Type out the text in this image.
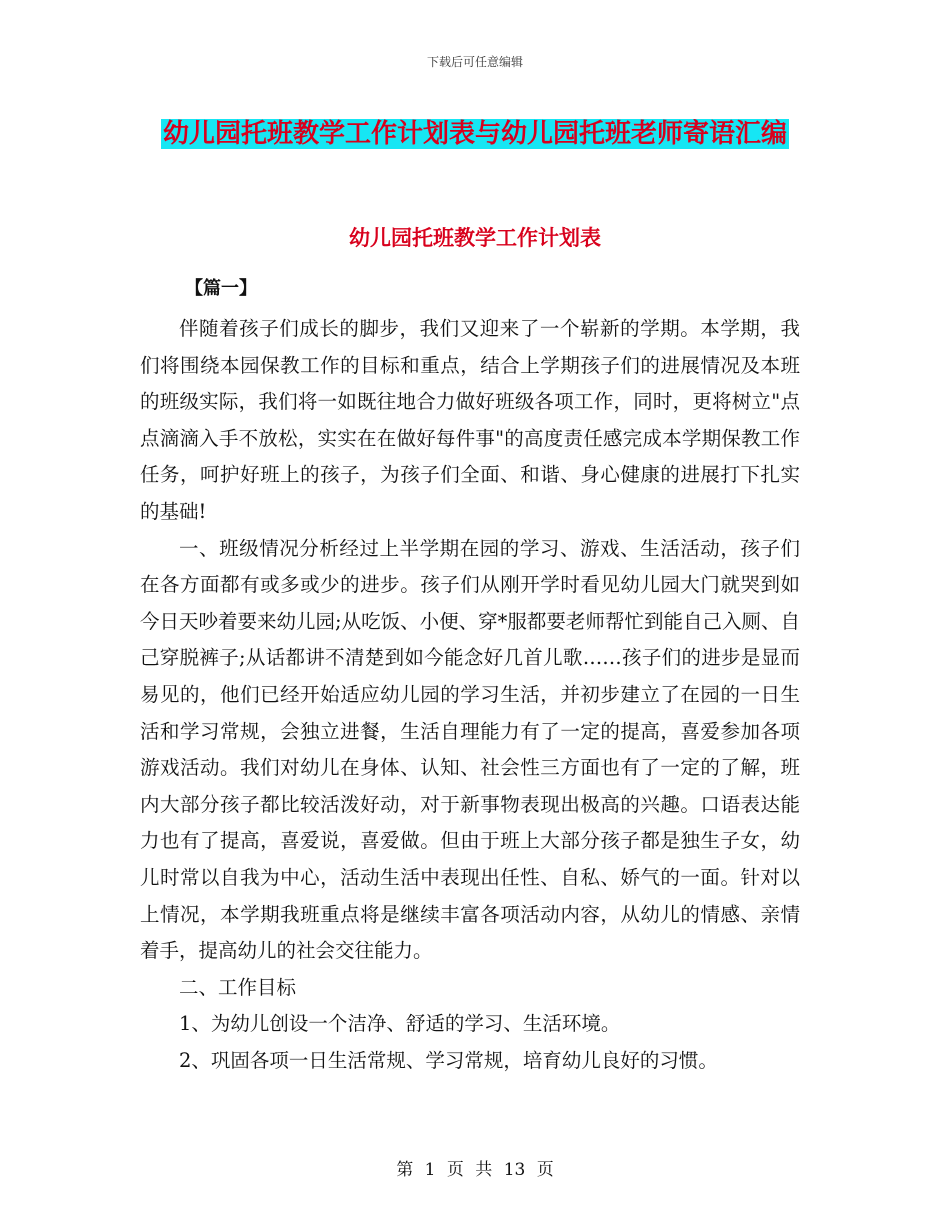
下载后可任意编辑
幼儿园托班教学工作计划表与幼儿园托班老师寄语汇编
幼儿园托班教学工作计划表
【篇一】

伴随着孩子们成长的脚步，我们又迎来了一个崭新的学期。本学期，我们将围绕本园保教工作的目标和重点，结合上学期孩子们的进展情况及本班的班级实际，我们将一如既往地合力做好班级各项工作，同时，更将树立"点点滴滴入手不放松，实实在在做好每件事"的高度责任感完成本学期保教工作任务，呵护好班上的孩子，为孩子们全面、和谐、身心健康的进展打下扎实的基础!

一、班级情况分析经过上半学期在园的学习、游戏、生活活动，孩子们在各方面都有或多或少的进步。孩子们从刚开学时看见幼儿园大门就哭到如今日天吵着要来幼儿园;从吃饭、小便、穿*服都要老师帮忙到能自己入厕、自己穿脱裤子;从话都讲不清楚到如今能念好几首儿歌……孩子们的进步是显而易见的，他们已经开始适应幼儿园的学习生活，并初步建立了在园的一日生活和学习常规，会独立进餐，生活自理能力有了一定的提高，喜爱参加各项游戏活动。我们对幼儿在身体、认知、社会性三方面也有了一定的了解，班内大部分孩子都比较活泼好动，对于新事物表现出极高的兴趣。口语表达能力也有了提高，喜爱说，喜爱做。但由于班上大部分孩子都是独生子女，幼儿时常以自我为中心，活动生活中表现出任性、自私、娇气的一面。针对以上情况，本学期我班重点将是继续丰富各项活动内容，从幼儿的情感、亲情着手，提高幼儿的社会交往能力。

二、工作目标

1、为幼儿创设一个洁净、舒适的学习、生活环境。

2、巩固各项一日生活常规、学习常规，培育幼儿良好的习惯。

第 1 页 共 13 页
